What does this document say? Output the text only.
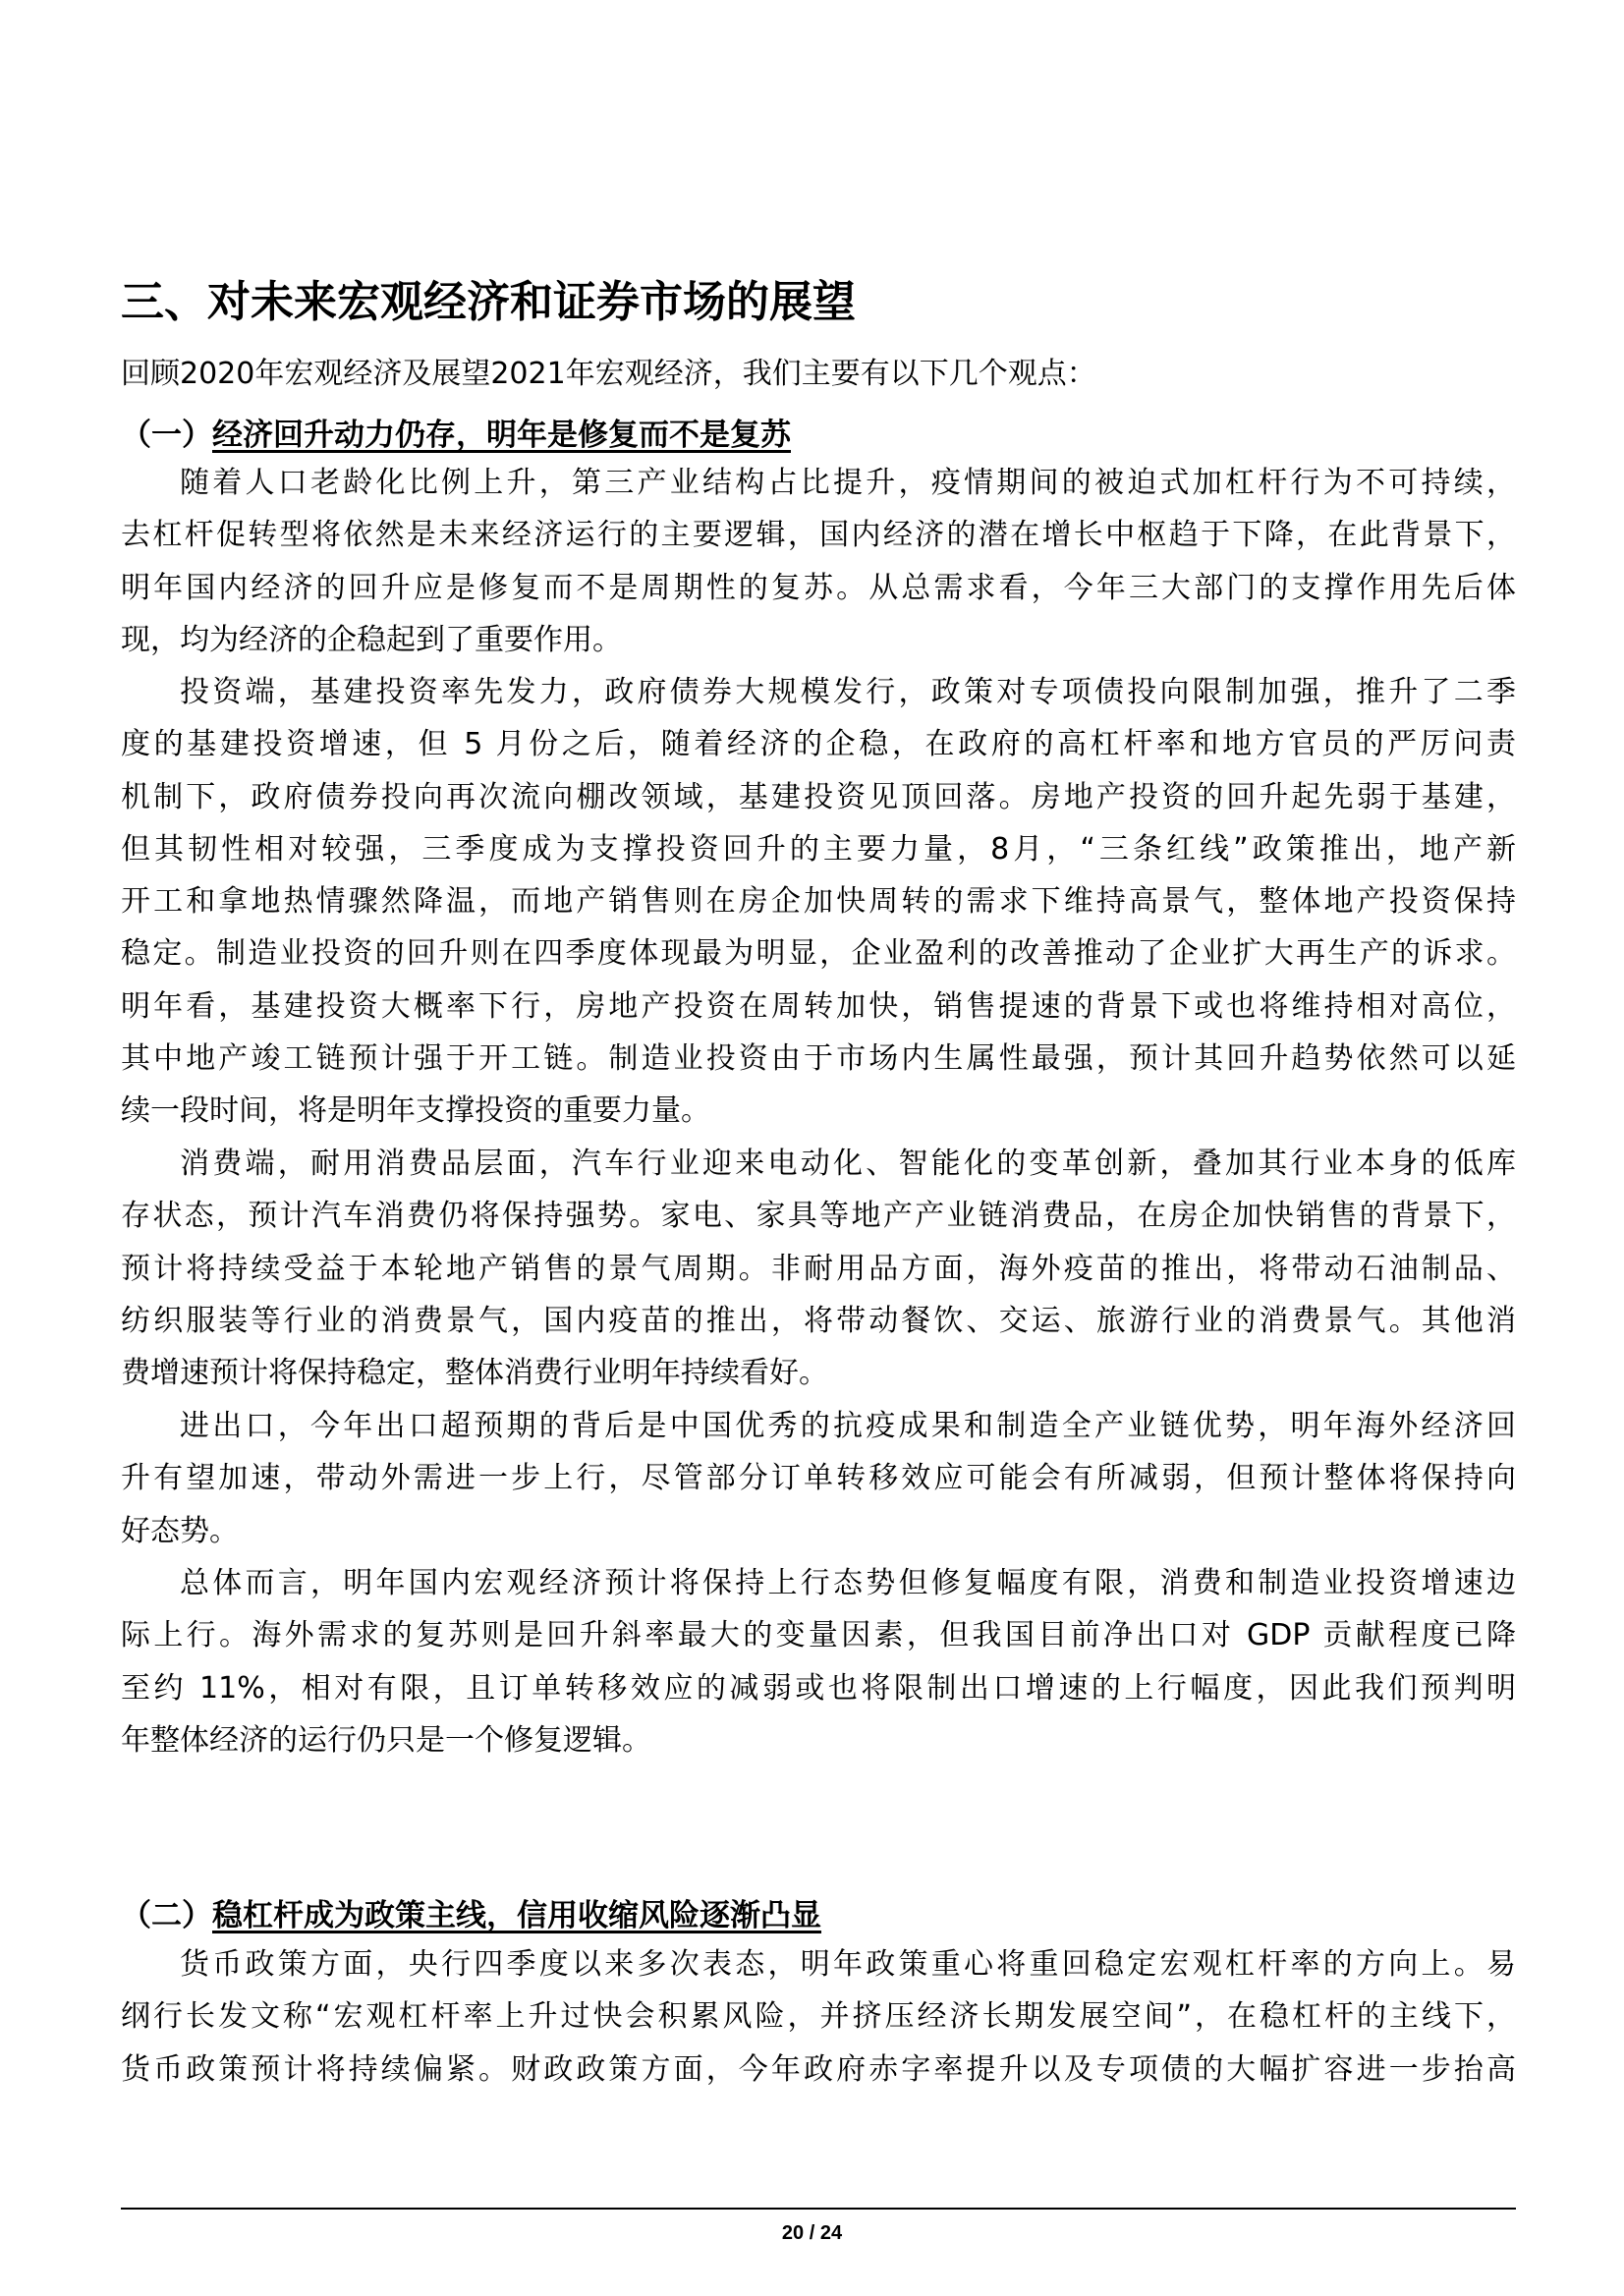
三、对未来宏观经济和证券市场的展望
回顾2020年宏观经济及展望2021年宏观经济，我们主要有以下几个观点：
（一）经济回升动力仍存，明年是修复而不是复苏
随着人口老龄化比例上升，第三产业结构占比提升，疫情期间的被迫式加杠杆行为不可持续，
去杠杆促转型将依然是未来经济运行的主要逻辑，国内经济的潜在增长中枢趋于下降，在此背景下，
明年国内经济的回升应是修复而不是周期性的复苏。从总需求看，今年三大部门的支撑作用先后体
现，均为经济的企稳起到了重要作用。
投资端，基建投资率先发力，政府债券大规模发行，政策对专项债投向限制加强，推升了二季
度的基建投资增速，但 5 月份之后，随着经济的企稳，在政府的高杠杆率和地方官员的严厉问责
机制下，政府债券投向再次流向棚改领域，基建投资见顶回落。房地产投资的回升起先弱于基建，
但其韧性相对较强，三季度成为支撑投资回升的主要力量，8月，“三条红线”政策推出，地产新
开工和拿地热情骤然降温，而地产销售则在房企加快周转的需求下维持高景气，整体地产投资保持
稳定。制造业投资的回升则在四季度体现最为明显，企业盈利的改善推动了企业扩大再生产的诉求。
明年看，基建投资大概率下行，房地产投资在周转加快，销售提速的背景下或也将维持相对高位，
其中地产竣工链预计强于开工链。制造业投资由于市场内生属性最强，预计其回升趋势依然可以延
续一段时间，将是明年支撑投资的重要力量。
消费端，耐用消费品层面，汽车行业迎来电动化、智能化的变革创新，叠加其行业本身的低库
存状态，预计汽车消费仍将保持强势。家电、家具等地产产业链消费品，在房企加快销售的背景下，
预计将持续受益于本轮地产销售的景气周期。非耐用品方面，海外疫苗的推出，将带动石油制品、
纺织服装等行业的消费景气，国内疫苗的推出，将带动餐饮、交运、旅游行业的消费景气。其他消
费增速预计将保持稳定，整体消费行业明年持续看好。
进出口，今年出口超预期的背后是中国优秀的抗疫成果和制造全产业链优势，明年海外经济回
升有望加速，带动外需进一步上行，尽管部分订单转移效应可能会有所减弱，但预计整体将保持向
好态势。
总体而言，明年国内宏观经济预计将保持上行态势但修复幅度有限，消费和制造业投资增速边
际上行。海外需求的复苏则是回升斜率最大的变量因素，但我国目前净出口对 GDP 贡献程度已降
至约 11%，相对有限，且订单转移效应的减弱或也将限制出口增速的上行幅度，因此我们预判明
年整体经济的运行仍只是一个修复逻辑。
（二）稳杠杆成为政策主线，信用收缩风险逐渐凸显
货币政策方面，央行四季度以来多次表态，明年政策重心将重回稳定宏观杠杆率的方向上。易
纲行长发文称“宏观杠杆率上升过快会积累风险，并挤压经济长期发展空间”，在稳杠杆的主线下，
货币政策预计将持续偏紧。财政政策方面，今年政府赤字率提升以及专项债的大幅扩容进一步抬高
20 / 24
